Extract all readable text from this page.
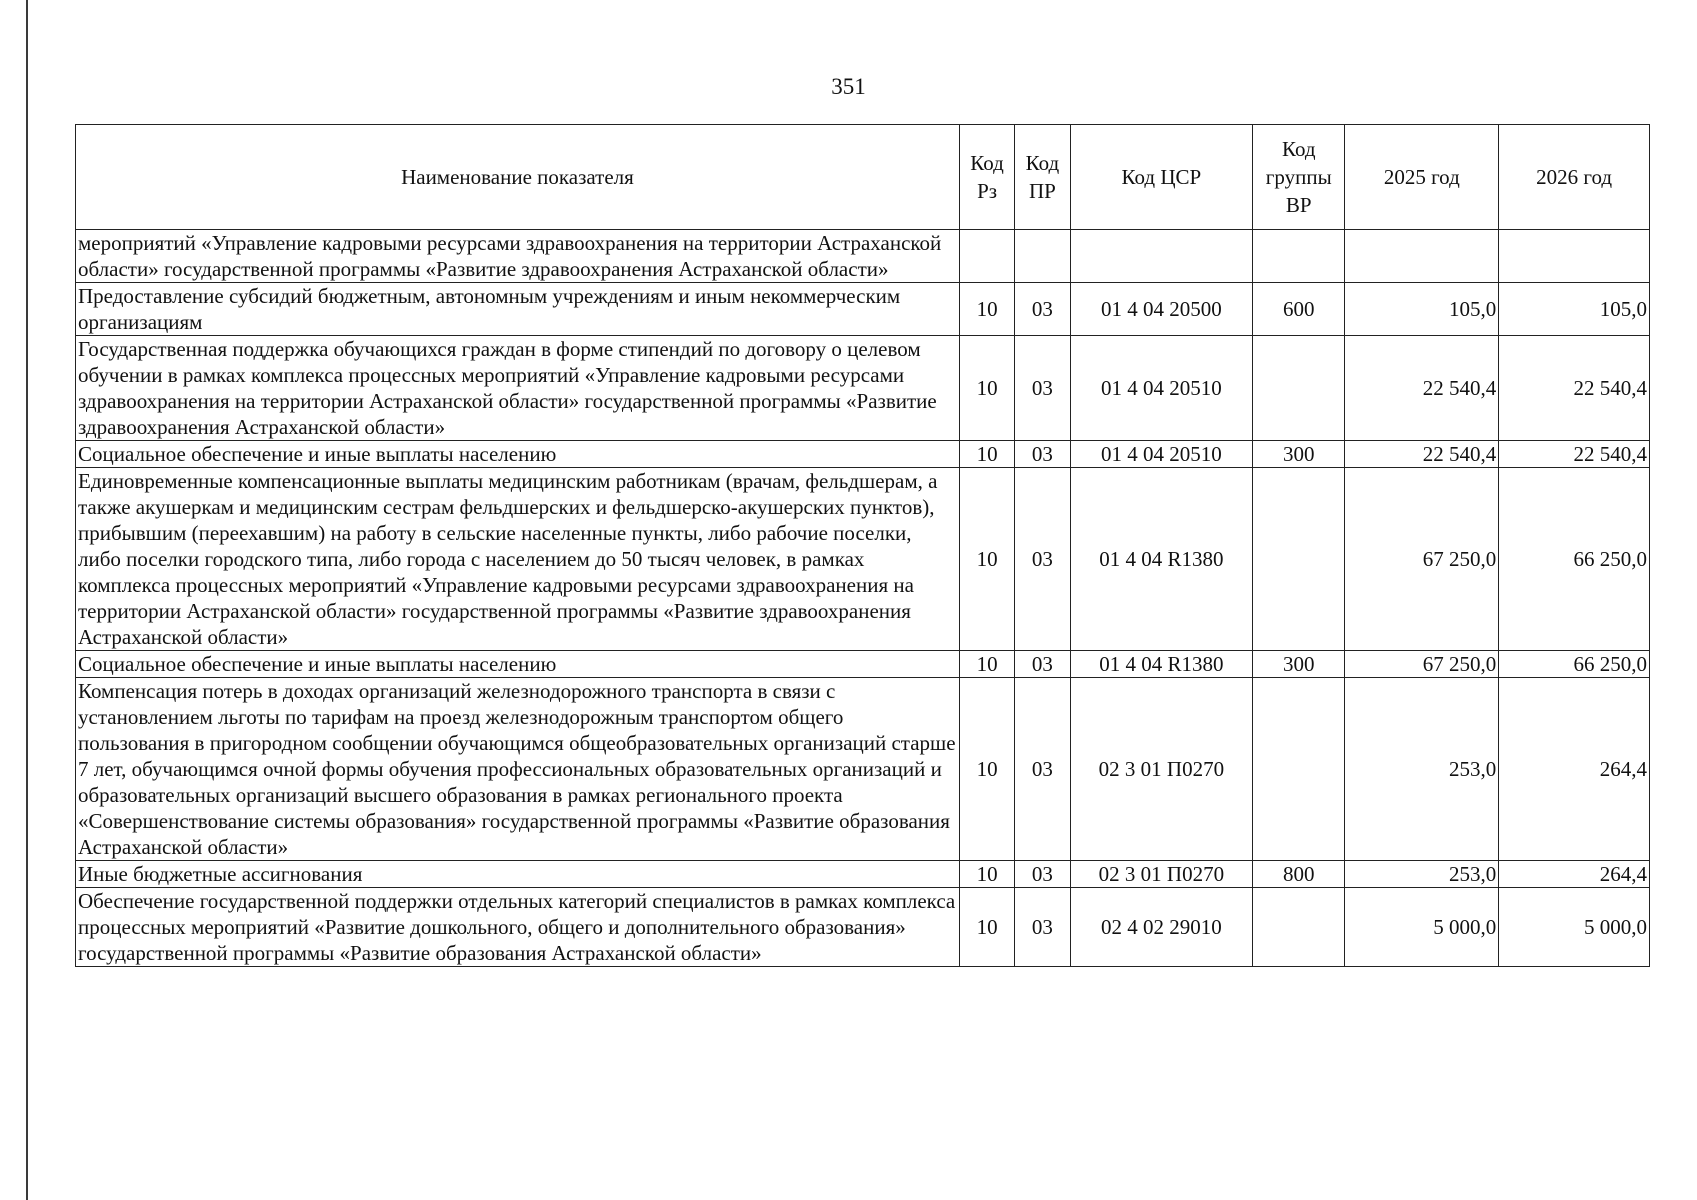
351
Наименование показателя	Код Рз	Код ПР	Код ЦСР	Код группы ВР	2025 год	2026 год
мероприятий «Управление кадровыми ресурсами здравоохранения на территории Астраханской области» государственной программы «Развитие здравоохранения Астраханской области»						
Предоставление субсидий бюджетным, автономным учреждениям и иным некоммерческим организациям	10	03	01 4 04 20500	600	105,0	105,0
Государственная поддержка обучающихся граждан в форме стипендий по договору о целевом обучении в рамках комплекса процессных мероприятий «Управление кадровыми ресурсами здравоохранения на территории Астраханской области» государственной программы «Развитие здравоохранения Астраханской области»	10	03	01 4 04 20510		22 540,4	22 540,4
Социальное обеспечение и иные выплаты населению	10	03	01 4 04 20510	300	22 540,4	22 540,4
Единовременные компенсационные выплаты медицинским работникам (врачам, фельдшерам, а также акушеркам и медицинским сестрам фельдшерских и фельдшерско-акушерских пунктов), прибывшим (переехавшим) на работу в сельские населенные пункты, либо рабочие поселки, либо поселки городского типа, либо города с населением до 50 тысяч человек, в рамках комплекса процессных мероприятий «Управление кадровыми ресурсами здравоохранения на территории Астраханской области» государственной программы «Развитие здравоохранения Астраханской области»	10	03	01 4 04 R1380		67 250,0	66 250,0
Социальное обеспечение и иные выплаты населению	10	03	01 4 04 R1380	300	67 250,0	66 250,0
Компенсация потерь в доходах организаций железнодорожного транспорта в связи с установлением льготы по тарифам на проезд железнодорожным транспортом общего пользования в пригородном сообщении обучающимся общеобразовательных организаций старше 7 лет, обучающимся очной формы обучения профессиональных образовательных организаций и образовательных организаций высшего образования в рамках регионального проекта «Совершенствование системы образования» государственной программы «Развитие образования Астраханской области»	10	03	02 3 01 П0270		253,0	264,4
Иные бюджетные ассигнования	10	03	02 3 01 П0270	800	253,0	264,4
Обеспечение государственной поддержки отдельных категорий специалистов в рамках комплекса процессных мероприятий «Развитие дошкольного, общего и дополнительного образования» государственной программы «Развитие образования Астраханской области»	10	03	02 4 02 29010		5 000,0	5 000,0
